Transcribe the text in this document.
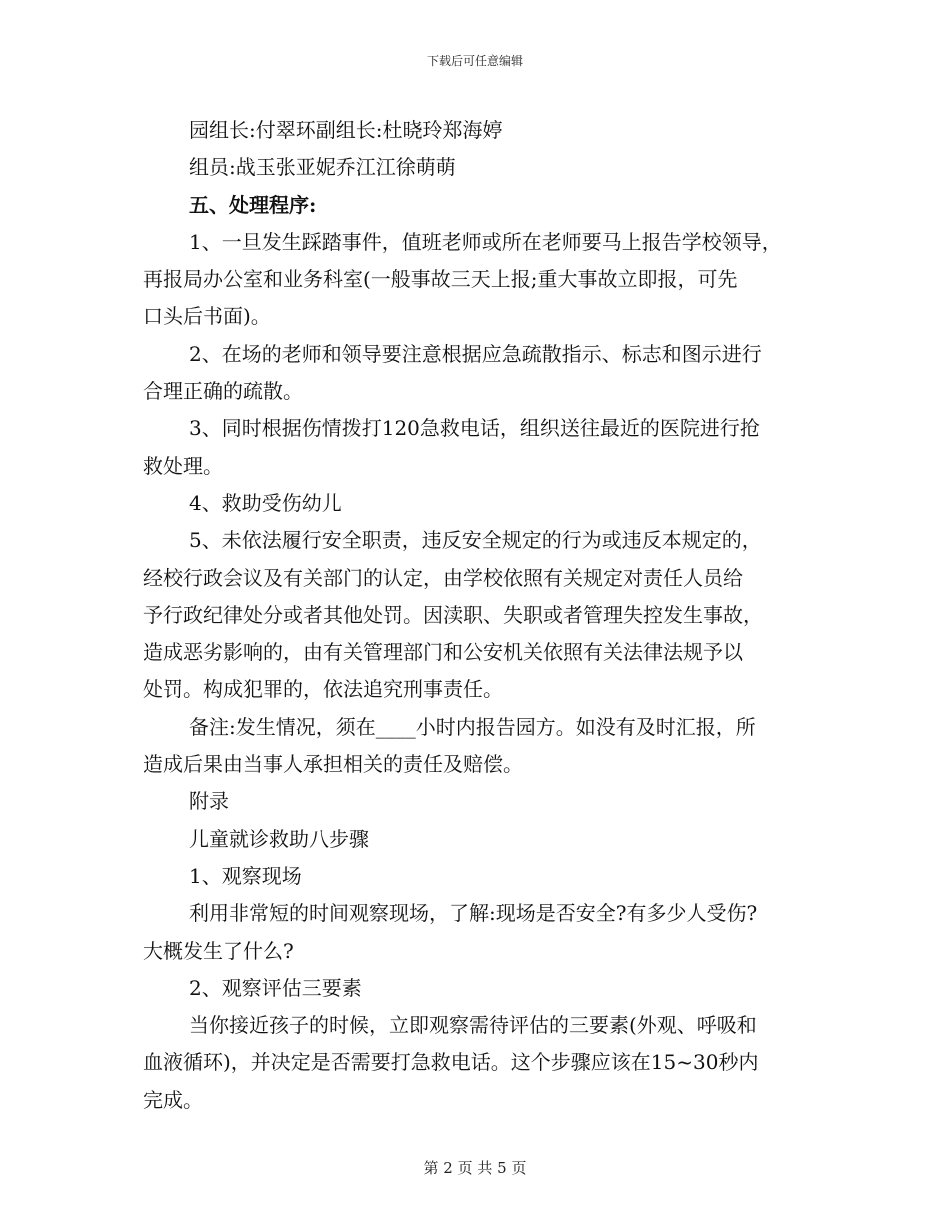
下载后可任意编辑
园组长:付翠环副组长:杜晓玲郑海婷
组员:战玉张亚妮乔江江徐萌萌
五、处理程序:
1、一旦发生踩踏事件，值班老师或所在老师要马上报告学校领导，
再报局办公室和业务科室(一般事故三天上报;重大事故立即报，可先
口头后书面)。
2、在场的老师和领导要注意根据应急疏散指示、标志和图示进行
合理正确的疏散。
3、同时根据伤情拨打120急救电话，组织送往最近的医院进行抢
救处理。
4、救助受伤幼儿
5、未依法履行安全职责，违反安全规定的行为或违反本规定的，
经校行政会议及有关部门的认定，由学校依照有关规定对责任人员给
予行政纪律处分或者其他处罚。因渎职、失职或者管理失控发生事故，
造成恶劣影响的，由有关管理部门和公安机关依照有关法律法规予以
处罚。构成犯罪的，依法追究刑事责任。
备注:发生情况，须在____小时内报告园方。如没有及时汇报，所
造成后果由当事人承担相关的责任及赔偿。
附录
儿童就诊救助八步骤
1、观察现场
利用非常短的时间观察现场，了解:现场是否安全?有多少人受伤?
大概发生了什么?
2、观察评估三要素
当你接近孩子的时候，立即观察需待评估的三要素(外观、呼吸和
血液循环)，并决定是否需要打急救电话。这个步骤应该在15~30秒内
完成。
第 2 页 共 5 页
